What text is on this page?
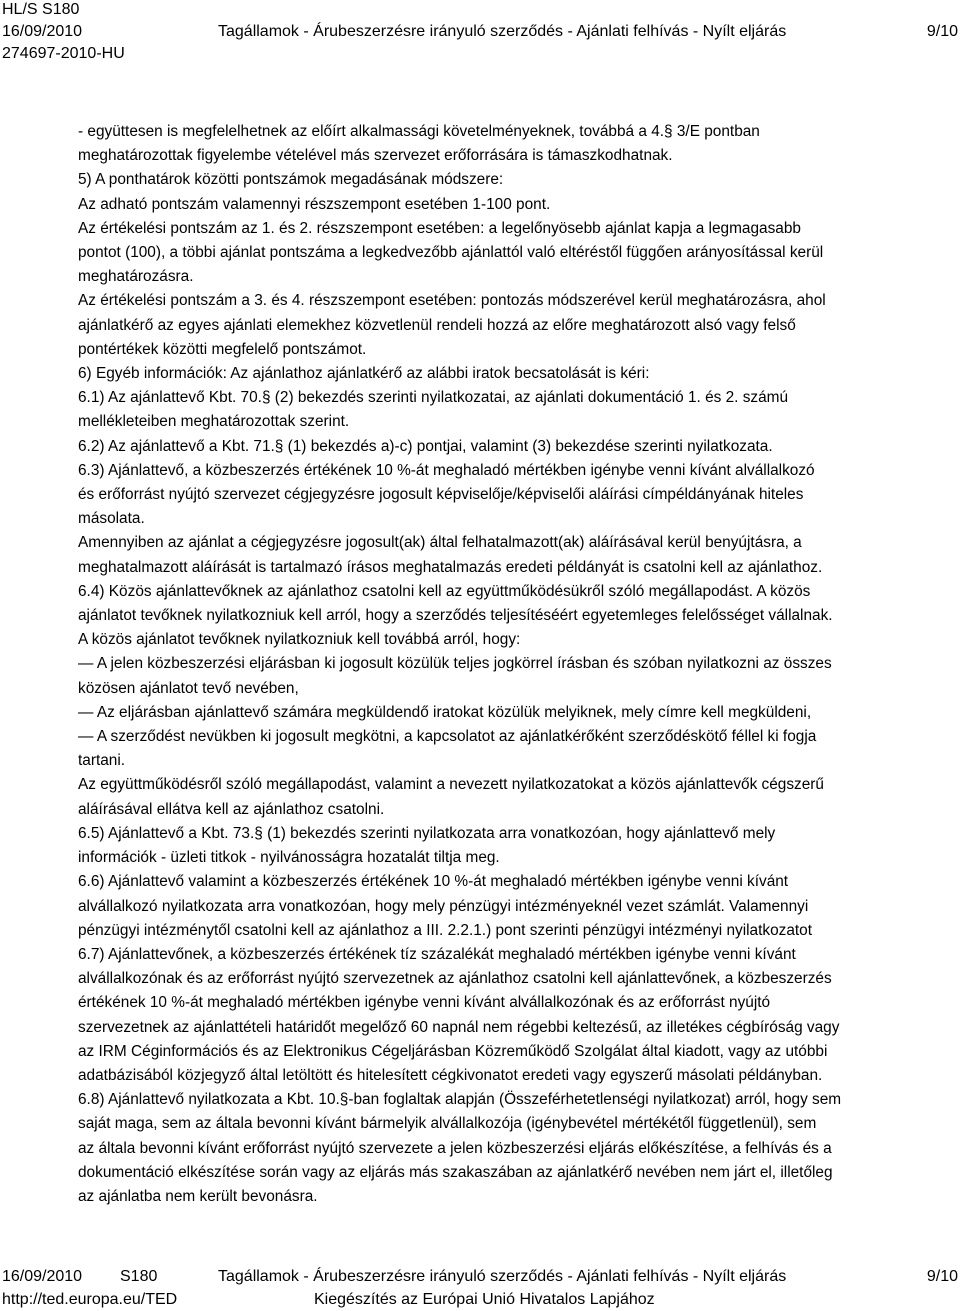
HL/S S180
16/09/2010	Tagállamok - Árubeszerzésre irányuló szerződés - Ajánlati felhívás - Nyílt eljárás	9/10
274697-2010-HU

- együttesen is megfelelhetnek az előírt alkalmassági követelményeknek, továbbá a 4.§ 3/E pontban

meghatározottak figyelembe vételével más szervezet erőforrására is támaszkodhatnak.

5) A ponthatárok közötti pontszámok megadásának módszere:

Az adható pontszám valamennyi részszempont esetében 1-100 pont.

Az értékelési pontszám az 1. és 2. részszempont esetében: a legelőnyösebb ajánlat kapja a legmagasabb

pontot (100), a többi ajánlat pontszáma a legkedvezőbb ajánlattól való eltéréstől függően arányosítással kerül

meghatározásra.

Az értékelési pontszám a 3. és 4. részszempont esetében: pontozás módszerével kerül meghatározásra, ahol

ajánlatkérő az egyes ajánlati elemekhez közvetlenül rendeli hozzá az előre meghatározott alsó vagy felső

pontértékek közötti megfelelő pontszámot.

6) Egyéb információk: Az ajánlathoz ajánlatkérő az alábbi iratok becsatolását is kéri:

6.1) Az ajánlattevő Kbt. 70.§ (2) bekezdés szerinti nyilatkozatai, az ajánlati dokumentáció 1. és 2. számú

mellékleteiben meghatározottak szerint.

6.2) Az ajánlattevő a Kbt. 71.§ (1) bekezdés a)-c) pontjai, valamint (3) bekezdése szerinti nyilatkozata.

6.3) Ajánlattevő, a közbeszerzés értékének 10 %-át meghaladó mértékben igénybe venni kívánt alvállalkozó

és erőforrást nyújtó szervezet cégjegyzésre jogosult képviselője/képviselői aláírási címpéldányának hiteles

másolata.

Amennyiben az ajánlat a cégjegyzésre jogosult(ak) által felhatalmazott(ak) aláírásával kerül benyújtásra, a

meghatalmazott aláírását is tartalmazó írásos meghatalmazás eredeti példányát is csatolni kell az ajánlathoz.

6.4) Közös ajánlattevőknek az ajánlathoz csatolni kell az együttműködésükről szóló megállapodást. A közös

ajánlatot tevőknek nyilatkozniuk kell arról, hogy a szerződés teljesítéséért egyetemleges felelősséget vállalnak.

A közös ajánlatot tevőknek nyilatkozniuk kell továbbá arról, hogy:

— A jelen közbeszerzési eljárásban ki jogosult közülük teljes jogkörrel írásban és szóban nyilatkozni az összes

közösen ajánlatot tevő nevében,

— Az eljárásban ajánlattevő számára megküldendő iratokat közülük melyiknek, mely címre kell megküldeni,

— A szerződést nevükben ki jogosult megkötni, a kapcsolatot az ajánlatkérőként szerződéskötő féllel ki fogja

tartani.

Az együttműködésről szóló megállapodást, valamint a nevezett nyilatkozatokat a közös ajánlattevők cégszerű

aláírásával ellátva kell az ajánlathoz csatolni.

6.5) Ajánlattevő a Kbt. 73.§ (1) bekezdés szerinti nyilatkozata arra vonatkozóan, hogy ajánlattevő mely

információk - üzleti titkok - nyilvánosságra hozatalát tiltja meg.

6.6) Ajánlattevő valamint a közbeszerzés értékének 10 %-át meghaladó mértékben igénybe venni kívánt

alvállalkozó nyilatkozata arra vonatkozóan, hogy mely pénzügyi intézményeknél vezet számlát. Valamennyi

pénzügyi intézménytől csatolni kell az ajánlathoz a III. 2.2.1.) pont szerinti pénzügyi intézményi nyilatkozatot

6.7) Ajánlattevőnek, a közbeszerzés értékének tíz százalékát meghaladó mértékben igénybe venni kívánt

alvállalkozónak és az erőforrást nyújtó szervezetnek az ajánlathoz csatolni kell ajánlattevőnek, a közbeszerzés

értékének 10 %-át meghaladó mértékben igénybe venni kívánt alvállalkozónak és az erőforrást nyújtó

szervezetnek az ajánlattételi határidőt megelőző 60 napnál nem régebbi keltezésű, az illetékes cégbíróság vagy

az IRM Céginformációs és az Elektronikus Cégeljárásban Közreműködő Szolgálat által kiadott, vagy az utóbbi

adatbázisából közjegyző által letöltött és hitelesített cégkivonatot eredeti vagy egyszerű másolati példányban.

6.8) Ajánlattevő nyilatkozata a Kbt. 10.§-ban foglaltak alapján (Összeférhetetlenségi nyilatkozat) arról, hogy sem

saját maga, sem az általa bevonni kívánt bármelyik alvállalkozója (igénybevétel mértékétől függetlenül), sem

az általa bevonni kívánt erőforrást nyújtó szervezete a jelen közbeszerzési eljárás előkészítése, a felhívás és a

dokumentáció elkészítése során vagy az eljárás más szakaszában az ajánlatkérő nevében nem járt el, illetőleg

az ajánlatba nem került bevonásra.

16/09/2010 S180	Tagállamok - Árubeszerzésre irányuló szerződés - Ajánlati felhívás - Nyílt eljárás	9/10
http://ted.europa.eu/TED	Kiegészítés az Európai Unió Hivatalos Lapjához
